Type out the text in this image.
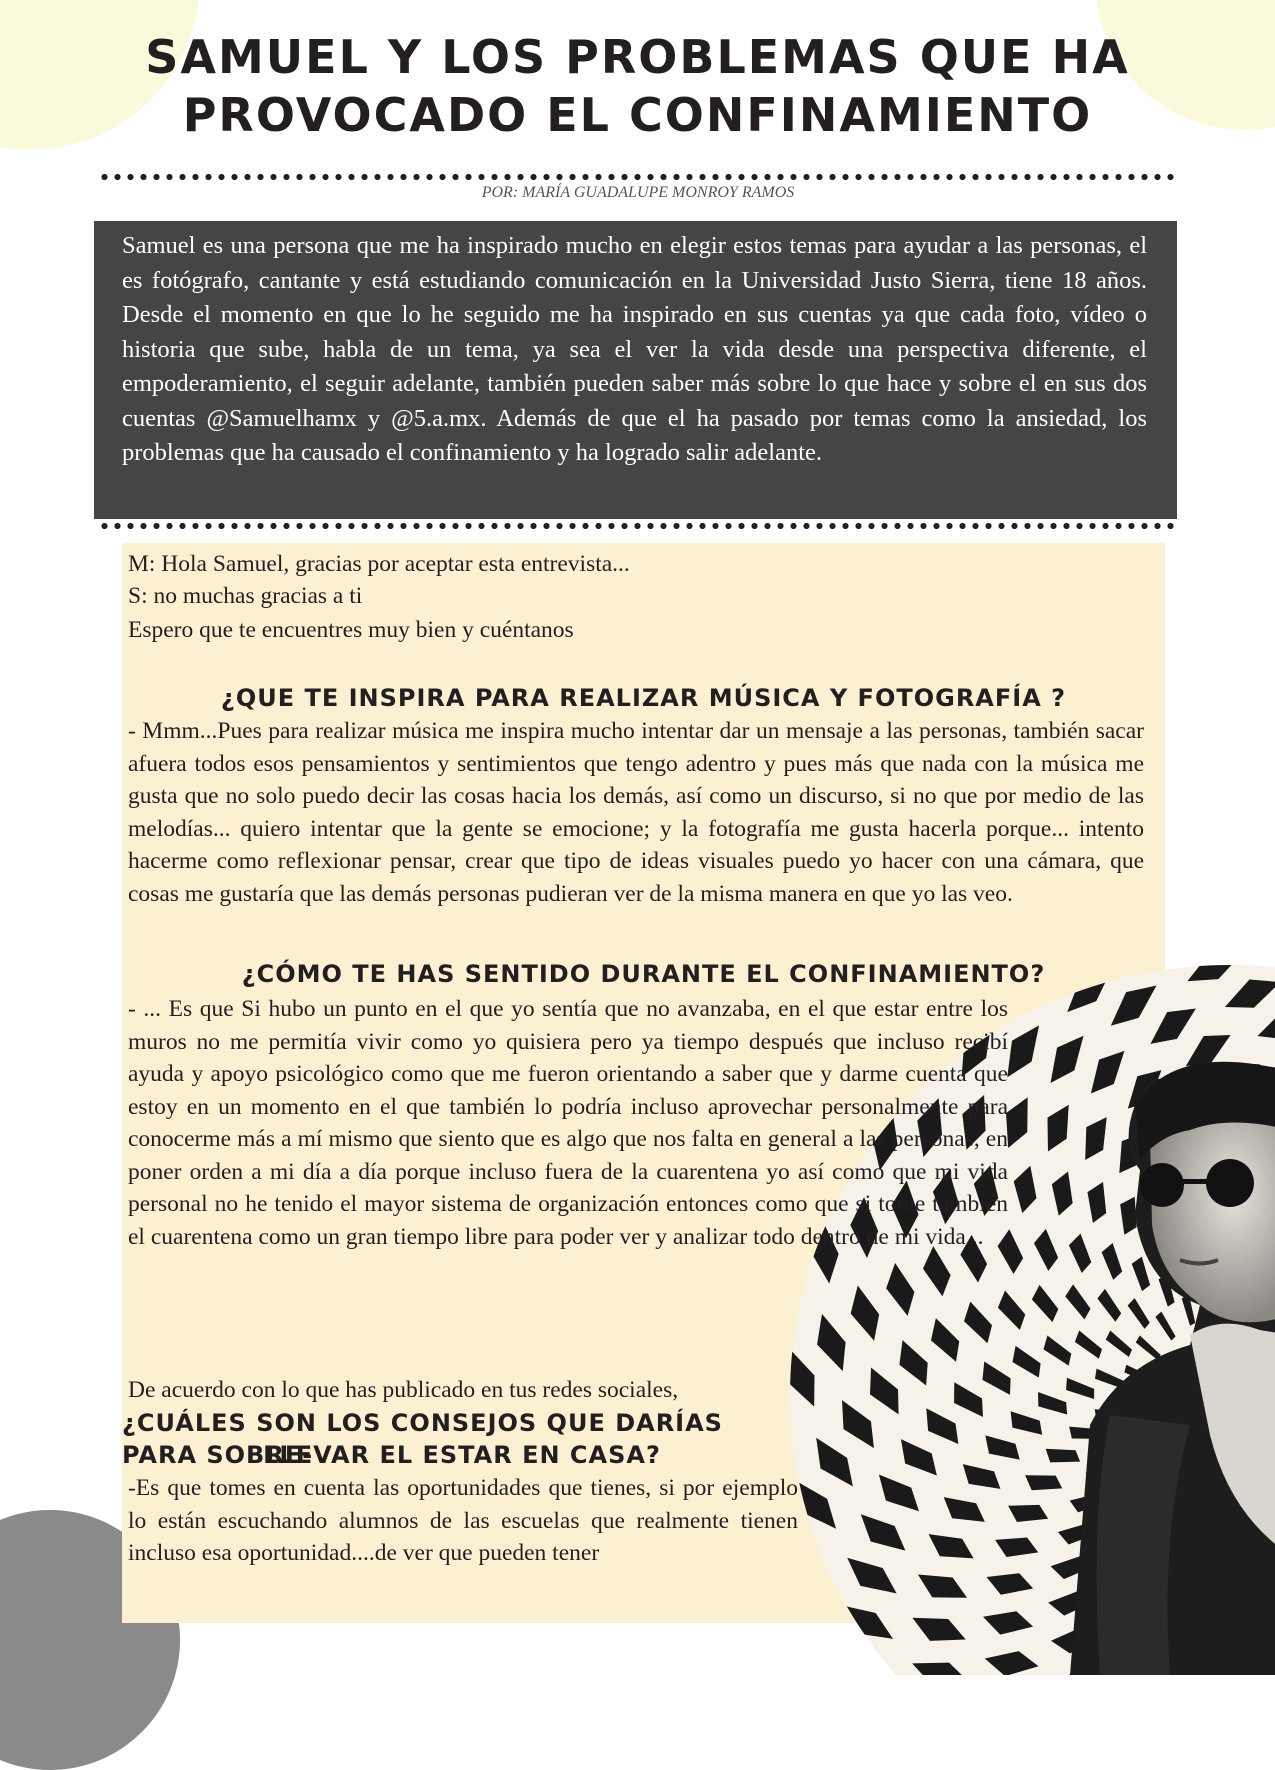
SAMUEL Y LOS PROBLEMAS QUE HA
PROVOCADO EL CONFINAMIENTO

POR: MARÍA GUADALUPE MONROY RAMOS

Samuel es una persona que me ha inspirado mucho en elegir estos temas para ayudar a las personas, el es fotógrafo, cantante y está estudiando comunicación en la Universidad Justo Sierra, tiene 18 años. Desde el momento en que lo he seguido me ha inspirado en sus cuentas ya que cada foto, vídeo o historia que sube, habla de un tema, ya sea el ver la vida desde una perspectiva diferente, el empoderamiento, el seguir adelante, también pueden saber más sobre lo que hace y sobre el en sus dos cuentas @Samuelhamx y @5.a.mx. Además de que el ha pasado por temas como la ansiedad, los problemas que ha causado el confinamiento y ha logrado salir adelante.

M: Hola Samuel, gracias por aceptar esta entrevista...

S: no muchas gracias a ti

Espero que te encuentres muy bien y cuéntanos

¿QUE TE INSPIRA PARA REALIZAR MÚSICA Y FOTOGRAFÍA ?

- Mmm...Pues para realizar música me inspira mucho intentar dar un mensaje a las personas, también sacar afuera todos esos pensamientos y sentimientos que tengo adentro y pues más que nada con la música me gusta que no solo puedo decir las cosas hacia los demás, así como un discurso, si no que por medio de las melodías... quiero intentar que la gente se emocione; y la fotografía me gusta hacerla porque... intento hacerme como reflexionar pensar, crear que tipo de ideas visuales puedo yo hacer con una cámara, que cosas me gustaría que las demás personas pudieran ver de la misma manera en que yo las veo.

¿CÓMO TE HAS SENTIDO DURANTE EL CONFINAMIENTO?

- ... Es que Si hubo un punto en el que yo sentía que no avanzaba, en el que estar entre los muros no me permitía vivir como yo quisiera pero ya tiempo después que incluso recibí ayuda y apoyo psicológico como que me fueron orientando a saber que y darme cuenta que estoy en un momento en el que también lo podría incluso aprovechar personalmente para conocerme más a mí mismo que siento que es algo que nos falta en general a las personas, en poner orden a mi día a día porque incluso fuera de la cuarentena yo así como que mi vida personal no he tenido el mayor sistema de organización entonces como que si tome también el cuarentena como un gran tiempo libre para poder ver y analizar todo dentro de mi vida...

De acuerdo con lo que has publicado en tus redes sociales,

¿CUÁLES SON LOS CONSEJOS QUE DARÍAS PARA SOBRE-

LLEVAR EL ESTAR EN CASA?

-Es que tomes en cuenta las oportunidades que tienes, si por ejemplo lo están escuchando alumnos de las escuelas que realmente tienen incluso esa oportunidad....de ver que pueden tener
